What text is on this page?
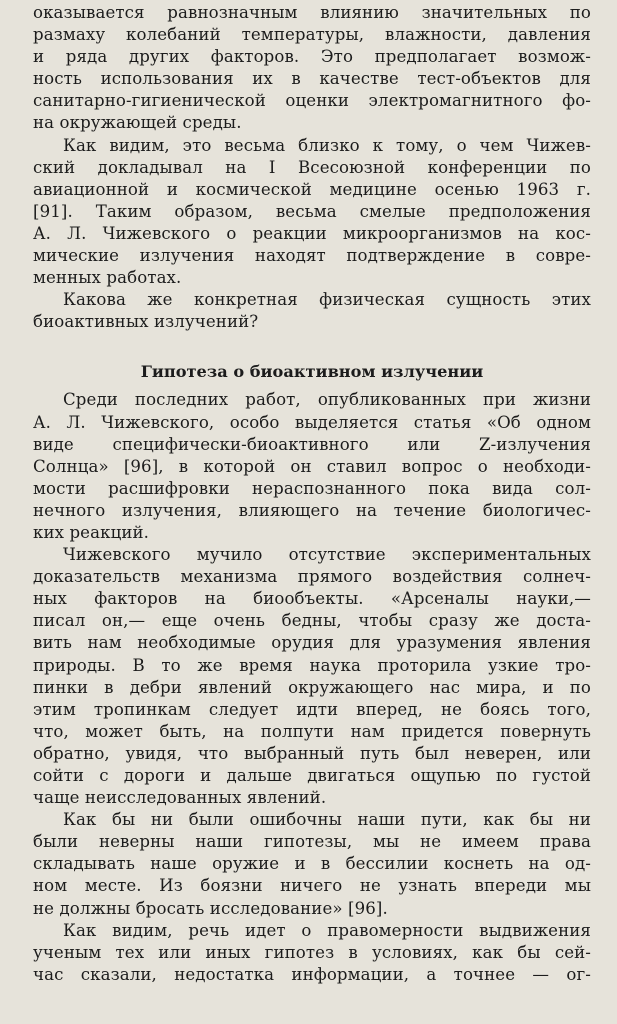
оказывается равнозначным влиянию значительных по
размаху колебаний температуры, влажности, давления
и ряда других факторов. Это предполагает возмож-
ность использования их в качестве тест-объектов для
санитарно-гигиенической оценки электромагнитного фо-
на окружающей среды.
Как видим, это весьма близко к тому, о чем Чижев-
ский докладывал на I Всесоюзной конференции по
авиационной и космической медицине осенью 1963 г.
[91]. Таким образом, весьма смелые предположения
А. Л. Чижевского о реакции микроорганизмов на кос-
мические излучения находят подтверждение в совре-
менных работах.
Какова же конкретная физическая сущность этих
биоактивных излучений?
Гипотеза о биоактивном излучении
Среди последних работ, опубликованных при жизни
А. Л. Чижевского, особо выделяется статья «Об одном
виде специфически-биоактивного или Z-излучения
Солнца» [96], в которой он ставил вопрос о необходи-
мости расшифровки нераспознанного пока вида сол-
нечного излучения, влияющего на течение биологичес-
ких реакций.
Чижевского мучило отсутствие экспериментальных
доказательств механизма прямого воздействия солнеч-
ных факторов на биообъекты. «Арсеналы науки,—
писал он,— еще очень бедны, чтобы сразу же доста-
вить нам необходимые орудия для уразумения явления
природы. В то же время наука проторила узкие тро-
пинки в дебри явлений окружающего нас мира, и по
этим тропинкам следует идти вперед, не боясь того,
что, может быть, на полпути нам придется повернуть
обратно, увидя, что выбранный путь был неверен, или
сойти с дороги и дальше двигаться ощупью по густой
чаще неисследованных явлений.
Как бы ни были ошибочны наши пути, как бы ни
были неверны наши гипотезы, мы не имеем права
складывать наше оружие и в бессилии коснеть на од-
ном месте. Из боязни ничего не узнать впереди мы
не должны бросать исследование» [96].
Как видим, речь идет о правомерности выдвижения
ученым тех или иных гипотез в условиях, как бы сей-
час сказали, недостатка информации, а точнее — ог-
